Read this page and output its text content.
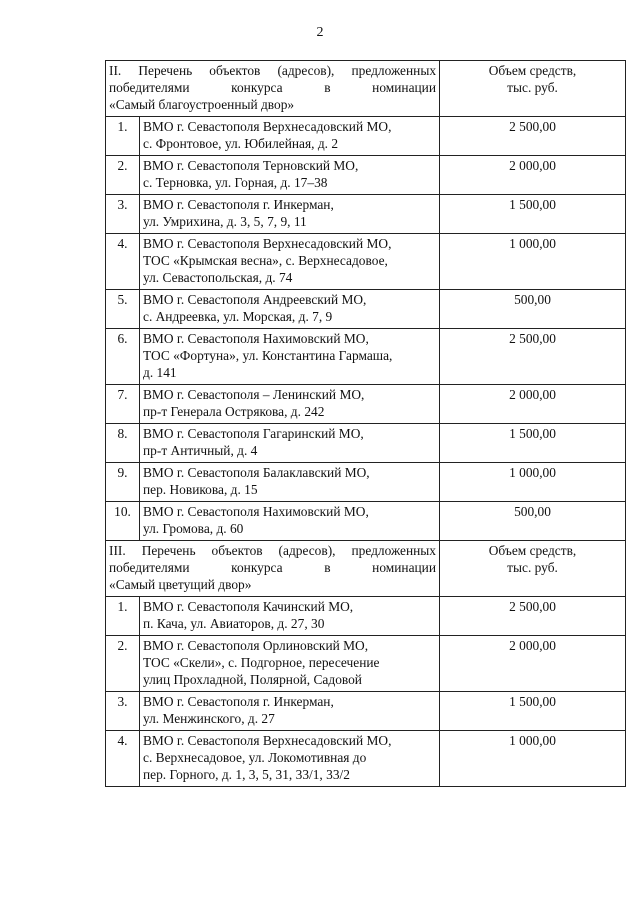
2
II. Перечень объектов (адресов), предложенных
победителями конкурса в номинации
«Самый благоустроенный двор»		Объем средств,
тыс. руб.

1.	ВМО г. Севастополя Верхнесадовский МО,
с. Фронтовое, ул. Юбилейная, д. 2	2 500,00
2.	ВМО г. Севастополя Терновский МО,
с. Терновка, ул. Горная, д. 17–38	2 000,00
3.	ВМО г. Севастополя г. Инкерман,
ул. Умрихина, д. 3, 5, 7, 9, 11	1 500,00
4.	ВМО г. Севастополя Верхнесадовский МО,
ТОС «Крымская весна», с. Верхнесадовое,
ул. Севастопольская, д. 74	1 000,00
5.	ВМО г. Севастополя Андреевский МО,
с. Андреевка, ул. Морская, д. 7, 9	500,00
6.	ВМО г. Севастополя Нахимовский МО,
ТОС «Фортуна», ул. Константина Гармаша,
д. 141	2 500,00
7.	ВМО г. Севастополя – Ленинский МО,
пр-т Генерала Острякова, д. 242	2 000,00
8.	ВМО г. Севастополя Гагаринский МО,
пр-т Античный, д. 4	1 500,00
9.	ВМО г. Севастополя Балаклавский МО,
пер. Новикова, д. 15	1 000,00
10.	ВМО г. Севастополя Нахимовский МО,
ул. Громова, д. 60	500,00

III. Перечень объектов (адресов), предложенных
победителями конкурса в номинации
«Самый цветущий двор»		Объем средств,
тыс. руб.

1.	ВМО г. Севастополя Качинский МО,
п. Кача, ул. Авиаторов, д. 27, 30	2 500,00
2.	ВМО г. Севастополя Орлиновский МО,
ТОС «Скели», с. Подгорное, пересечение
улиц Прохладной, Полярной, Садовой	2 000,00
3.	ВМО г. Севастополя г. Инкерман,
ул. Менжинского, д. 27	1 500,00
4.	ВМО г. Севастополя Верхнесадовский МО,
с. Верхнесадовое, ул. Локомотивная до
пер. Горного, д. 1, 3, 5, 31, 33/1, 33/2	1 000,00
